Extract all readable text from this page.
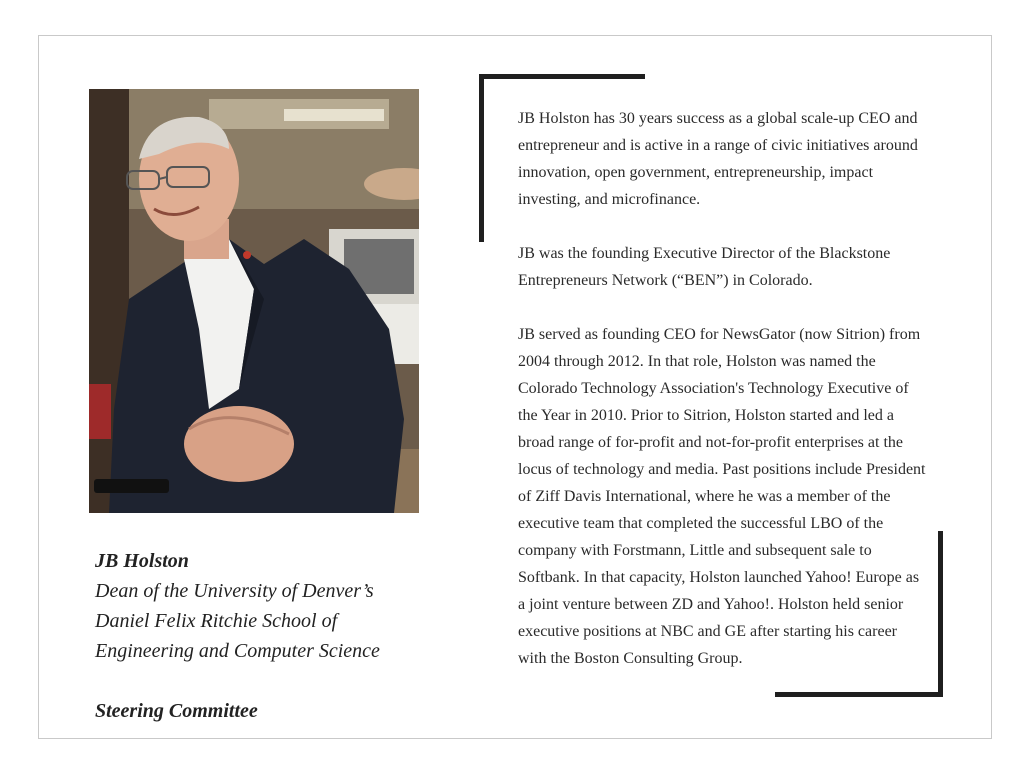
JB Holston
Dean of the University of Denver’s
Daniel Felix Ritchie School of
Engineering and Computer Science
Steering Committee

JB Holston has 30 years success as a global scale-up CEO and entrepreneur and is active in a range of civic initiatives around innovation, open government, entrepreneurship, impact investing, and microfinance.

JB was the founding Executive Director of the Blackstone Entrepreneurs Network (“BEN”) in Colorado.

JB served as founding CEO for NewsGator (now Sitrion) from 2004 through 2012. In that role, Holston was named the Colorado Technology Association's Technology Executive of the Year in 2010. Prior to Sitrion, Holston started and led a broad range of for-profit and not-for-profit enterprises at the locus of technology and media. Past positions include President of Ziff Davis International, where he was a member of the executive team that completed the successful LBO of the company with Forstmann, Little and subsequent sale to Softbank. In that capacity, Holston launched Yahoo! Europe as a joint venture between ZD and Yahoo!. Holston held senior executive positions at NBC and GE after starting his career with the Boston Consulting Group.
